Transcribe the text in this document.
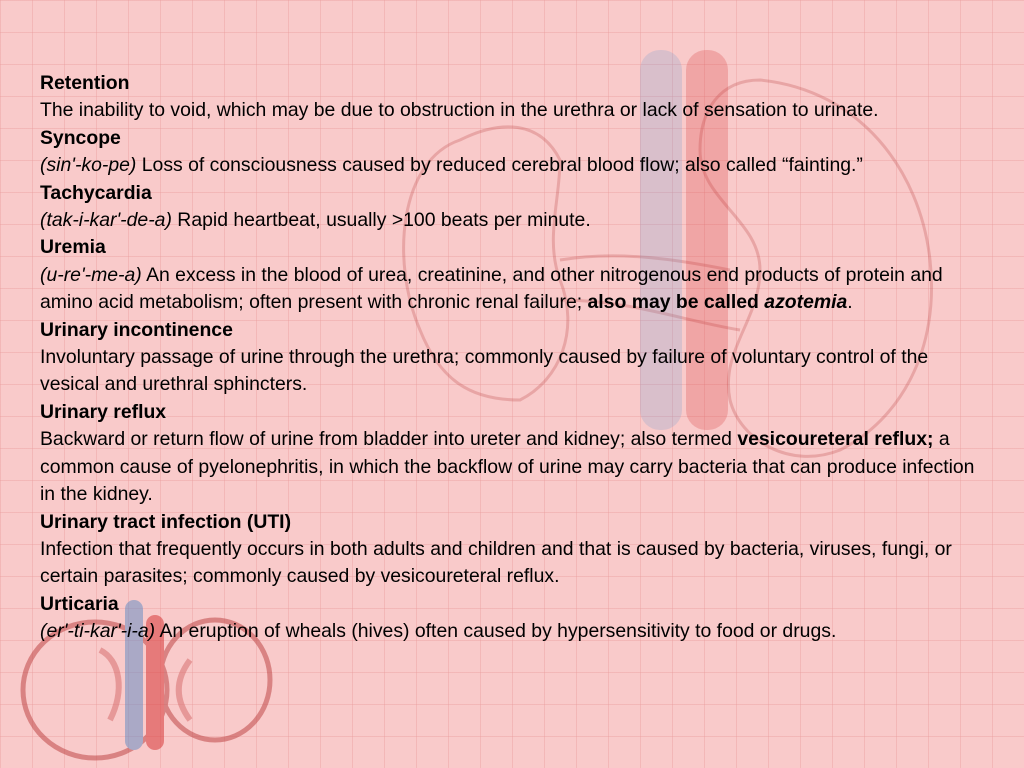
Retention
The inability to void, which may be due to obstruction in the urethra or lack of sensation to urinate.
Syncope
(sin'-ko-pe) Loss of consciousness caused by reduced cerebral blood flow; also called “fainting.”
Tachycardia
(tak-i-kar'-de-a) Rapid heartbeat, usually >100 beats per minute.
Uremia
(u-re'-me-a) An excess in the blood of urea, creatinine, and other nitrogenous end products of protein and amino acid metabolism; often present with chronic renal failure; also may be called azotemia.
Urinary incontinence
Involuntary passage of urine through the urethra; commonly caused by failure of voluntary control of the vesical and urethral sphincters.
Urinary reflux
Backward or return flow of urine from bladder into ureter and kidney; also termed vesicoureteral reflux; a common cause of pyelonephritis, in which the backflow of urine may carry bacteria that can produce infection in the kidney.
Urinary tract infection (UTI)
Infection that frequently occurs in both adults and children and that is caused by bacteria, viruses, fungi, or certain parasites; commonly caused by vesicoureteral reflux.
Urticaria
(er'-ti-kar'-i-a) An eruption of wheals (hives) often caused by hypersensitivity to food or drugs.
